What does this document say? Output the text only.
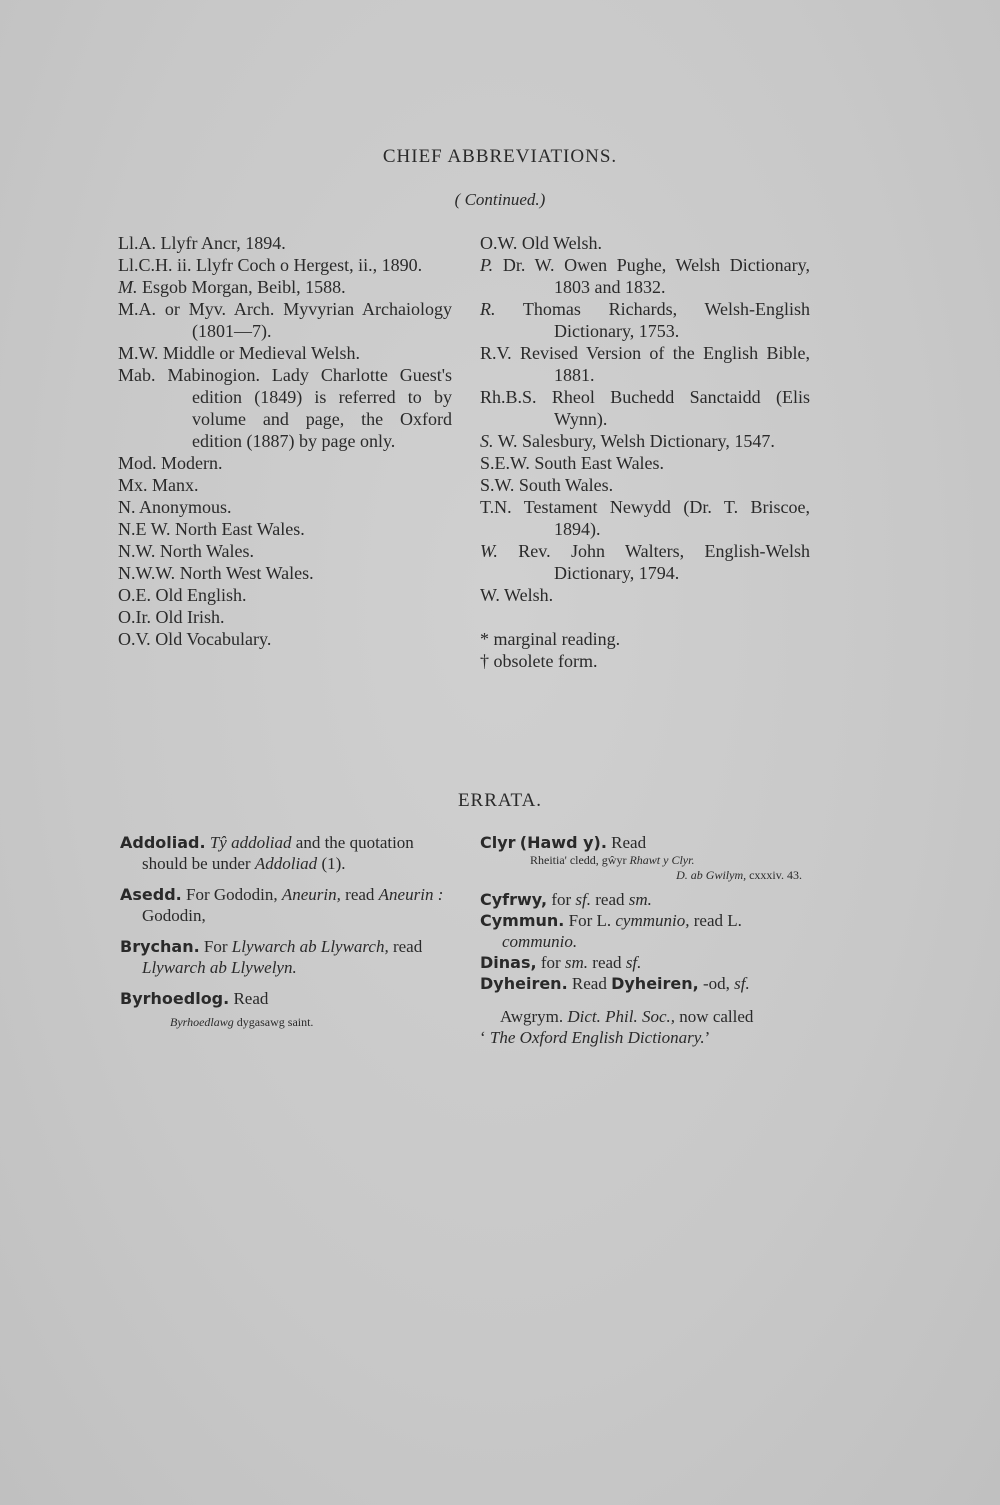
CHIEF ABBREVIATIONS.
( Continued.)
Ll.A. Llyfr Ancr, 1894.
Ll.C.H. ii. Llyfr Coch o Hergest, ii., 1890.
M. Esgob Morgan, Beibl, 1588.
M.A. or Myv. Arch. Myvyrian Archaiology (1801—7).
M.W. Middle or Medieval Welsh.
Mab. Mabinogion. Lady Charlotte Guest's edition (1849) is referred to by volume and page, the Oxford edition (1887) by page only.
Mod. Modern.
Mx. Manx.
N. Anonymous.
N.E W. North East Wales.
N.W. North Wales.
N.W.W. North West Wales.
O.E. Old English.
O.Ir. Old Irish.
O.V. Old Vocabulary.
O.W. Old Welsh.
P. Dr. W. Owen Pughe, Welsh Dictionary, 1803 and 1832.
R. Thomas Richards, Welsh-English Dictionary, 1753.
R.V. Revised Version of the English Bible, 1881.
Rh.B.S. Rheol Buchedd Sanctaidd (Elis Wynn).
S. W. Salesbury, Welsh Dictionary, 1547.
S.E.W. South East Wales.
S.W. South Wales.
T.N. Testament Newydd (Dr. T. Briscoe, 1894).
W. Rev. John Walters, English-Welsh Dictionary, 1794.
W. Welsh.
* marginal reading.
† obsolete form.
ERRATA.
Addoliad. Tŷ addoliad and the quotation should be under Addoliad (1).
Asedd. For Gododin, Aneurin, read Aneurin : Gododin,
Brychan. For Llywarch ab Llywarch, read Llywarch ab Llywelyn.
Byrhoedlog. Read
Byrhoedlawg dygasawg saint.
Clyr (Hawd y). Read
Rheitia' cledd, gŵyr Rhawt y Clyr.
D. ab Gwilym, cxxxiv. 43.
Cyfrwy, for sf. read sm.
Cymmun. For L. cymmunio, read L. communio.
Dinas, for sm. read sf.
Dyheiren. Read Dyheiren, -od, sf.
Awgrym. Dict. Phil. Soc., now called
‘ The Oxford English Dictionary.’
